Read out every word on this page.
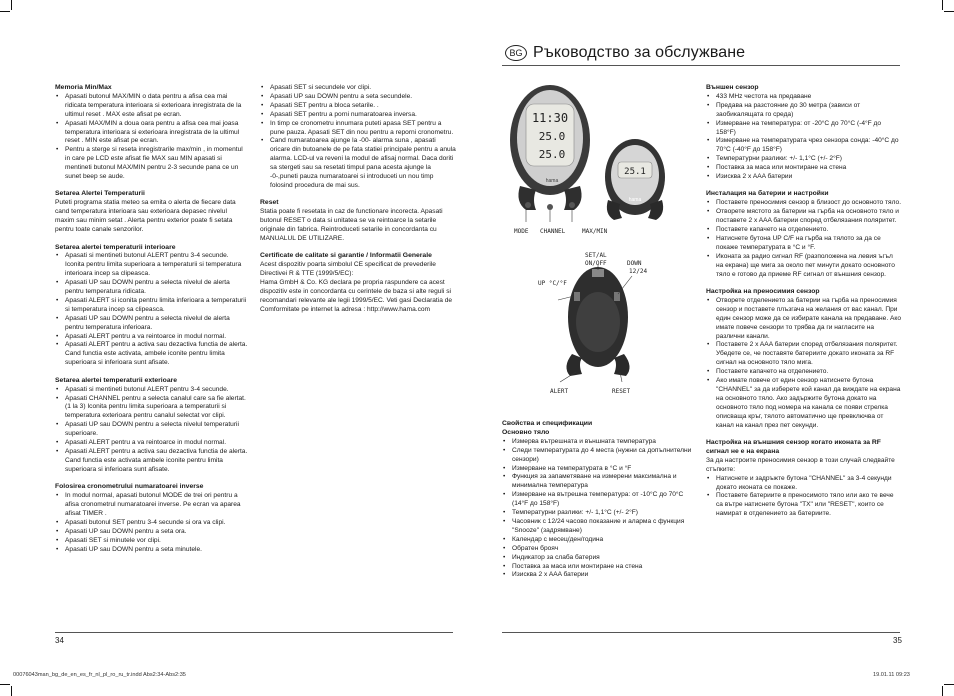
Memoria Min/Max
• Apasati butonul MAX/MIN o data pentru a afisa cea mai ridicata temperatura interioara si exterioara inregistrata de la ultimul reset . MAX este afisat pe ecran.
• Apasati MAX/MIN a doua oara pentru a afisa cea mai joasa temperatura interioara si exterioara inregistrata de la ultimul reset . MIN este afisat pe ecran.
• Pentru a sterge si reseta inregistrarile max/min , in momentul in care pe LCD este afisat fie MAX sau MIN apasati si mentineti butonul MAX/MIN pentru 2-3 secunde pana ce un sunet beep se aude.
Setarea Alertei Temperaturii

Puteti programa statia meteo sa emita o alerta de fiecare data cand temperatura interioara sau exterioara depasec nivelul maxim sau minim setat . Alerta pentru exterior poate fi setata pentru toate canale senzorilor.

Setarea alertei temperaturii interioare
• Apasati si mentineti butonul ALERT pentru 3-4 secunde. Iconita pentru limita superioara a temperaturii si temperatura interioara incep sa clipeasca.
• Apasati UP sau DOWN pentru a selecta nivelul de alerta pentru temperatura ridicata.
• Apasati ALERT si iconita pentru limita inferioara a temperaturii si temperatura incep sa clipeasca.
• Apasati UP sau DOWN pentru a selecta nivelul de alerta pentru temperatura inferioara.
• Apasati ALERT pentru a va reintoarce in modul normal.
• Apasati ALERT pentru a activa sau dezactiva functia de alerta. Cand functia este activata, ambele iconite pentru limita superioara si inferioara sunt afisate.
Setarea alertei temperaturii exterioare
• Apasati si mentineti butonul ALERT pentru 3-4 secunde.
• Apasati CHANNEL pentru a selecta canalul care sa fie alertat. (1 la 3) Iconita pentru limita superioara a temperaturii si temperatura exterioara pentru canalul selectat vor clipi.
• Apasati UP sau DOWN pentru a selecta nivelul temperaturii superioare.
• Apasati ALERT pentru a va reintoarce in modul normal.
• Apasati ALERT pentru a activa sau dezactiva functia de alerta. Cand functia este activata ambele iconite pentru limita superioara si inferioara sunt afisate.
Folosirea cronometrului numaratoarei inverse
• In modul normal, apasati butonul MODE de trei ori pentru a afisa cronometrul numaratoarei inverse. Pe ecran va aparea afisat TIMER .
• Apasati butonul SET pentru 3-4 secunde si ora va clipi.
• Apasati UP sau DOWN pentru a seta ora.
• Apasati SET si minutele vor clipi.
• Apasati UP sau DOWN pentru a seta minutele.
• Apasati SET si secundele vor clipi.
• Apasati UP sau DOWN pentru a seta secundele.
• Apasati SET pentru a bloca setarile. .
• Apasati SET pentru a porni numaratoarea inversa.
• In timp ce cronometru innumara puteti apasa SET pentru a pune pauza. Apasati SET din nou pentru a reporni cronometru.
• Cand numaratoarea ajunge la -00- alarma suna , apasati oricare din butoanele de pe fata statiei principale pentru a anula alarma. LCD-ul va reveni la modul de afisaj normal. Daca doriti sa stergeti sau sa resetati timpul pana acesta ajunge la -0-,puneti pauza numaratoarei si introduceti un nou timp folosind procedura de mai sus.
Reset

Statia poate fi resetata in caz de functionare incorecta. Apasati butonul RESET o data si unitatea se va reintoarce la setarile originale din fabrica. Reintroduceti setarile in concordanta cu MANUALUL DE UTILIZARE.

Certificate de calitate si garantie / Informatii Generale

Acest dispozitiv poarta simbolul CE specificat de prevederile Directivei R & TTE (1999/5/EC):

Hama GmbH & Co. KG declara pe propria raspundere ca acest dispozitiv este in concordanta cu cerintele de baza si alte reguli si recomandari relevante ale legii 1999/5/EC. Veti gasi Declaratia de Comformitate pe internet la adresa : http://www.hama.com

34
00076043man_bg_de_en_es_fr_nl_pl_ro_ru_tr.indd Abs2:34-Abs2:35
BG Ръководство за обслужване
11:30
25.0
25.0
hama
25.1
hama
MODE CHANNEL	MAX/MIN
SET/AL
ON/OFF	DOWN
12/24
UP °C/°F
ALERT	RESET
Свойства и спецификации
Основно тяло
• Измерва вътрешната и външната температура
• Следи температурата до 4 места (нужни са допълнителни сензори)
• Измерване на температурата в °C и °F
• Функция за запаметяване на измерени максимална и минимална температура
• Измерване на вътрешна температура: от -10°C до 70°C (14°F до 158°F)
• Температурни разлики: +/- 1,1°C (+/- 2°F)
• Часовник с 12/24 часово показание и аларма с функция "Snooze" (задрямване)
• Календар с месец/ден/година
• Обратен брояч
• Индикатор за слаба батерия
• Поставка за маса или монтиране на стена
• Изисква 2 x AAA батерии
Външен сензор
• 433 MHz честота на предаване
• Предава на разстояние до 30 метра (зависи от заобикалящата го среда)
• Измерване на температура: от -20°C до 70°C (-4°F до 158°F)
• Измерване на температурата чрез сензора сонда: -40°C до 70°C (-40°F до 158°F)
• Температурни разлики: +/- 1,1°C (+/- 2°F)
• Поставка за маса или монтиране на стена
• Изисква 2 x AAA батерии
Инсталация на батерии и настройки
• Поставете преносимия сензор в близост до основното тяло.
• Отворете мястото за батерии на гърба на основното тяло и поставете 2 x AAA батерии според отбелязания поляритет.
• Поставете капачето на отделението.
• Натиснете бутона UP C/F на гърба на тялото за да се покаже температурата в °C и °F.
• Иконата за радио сигнал RF (разположена на левия ъгъл на екрана) ще мига за около пет минути докато основното тяло е готово да приеме RF сигнал от външния сензор.
Настройка на преносимия сензор
• Отворете отделението за батерии на гърба на преносимия сензор и поставете плъзгача на желания от вас канал. При един сензор може да се избирате канала на предаване. Ако имате повече сензори то трябва да ги нагласите на различни канали.
• Поставете 2 x AAA батерии според отбелязания поляритет. Убедете се, че поставяте батериите докато иконата за RF сигнал на основното тяло мига.
• Поставете капачето на отделението.
• Ако имате повече от един сензор натиснете бутона "CHANNEL" за да изберете кой канал да виждате на екрана на основното тяло. Ако задържите бутона докато на основното тяло под номера на канала се появи стрелка описваща кръг, тялото автоматично ще превключва от канал на канал през пет секунди.
Настройка на външния сензор когато иконата за RF сигнал не е на екрана

За да настроите преносимия сензор в този случай следвайте стъпките:

• Натиснете и задръжте бутона "CHANNEL" за 3-4 секунди докато иконата се покаже.
• Поставете батериите в преносимото тяло или ако те вече са вътре натиснете бутона "TX" или "RESET", които се намират в отделението за батериите.
35
19.01.11 09:23
